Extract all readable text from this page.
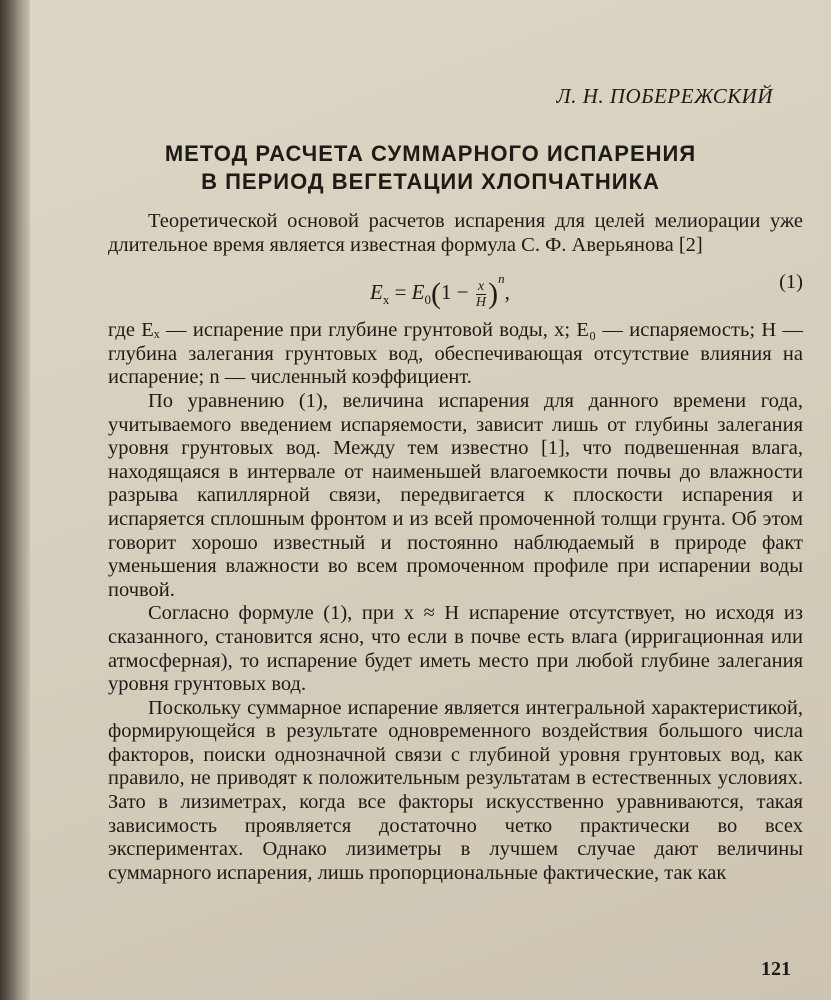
Л. Н. ПОБЕРЕЖСКИЙ
МЕТОД РАСЧЕТА СУММАРНОГО ИСПАРЕНИЯ
В ПЕРИОД ВЕГЕТАЦИИ ХЛОПЧАТНИКА

Теоретической основой расчетов испарения для целей мелиорации уже длительное время является известная формула С. Ф. Аверьянова [2]

$E_x = E_0(1 - \frac{x}{H} )^n$,	(1)

где Eₓ — испарение при глубине грунтовой воды, x; E₀ — испаряемость; H — глубина залегания грунтовых вод, обеспечивающая отсутствие влияния на испарение; n — численный коэффициент.

По уравнению (1), величина испарения для данного времени года, учитываемого введением испаряемости, зависит лишь от глубины залегания уровня грунтовых вод. Между тем известно [1], что подвешенная влага, находящаяся в интервале от наименьшей влагоемкости почвы до влажности разрыва капиллярной связи, передвигается к плоскости испарения и испаряется сплошным фронтом и из всей промоченной толщи грунта. Об этом говорит хорошо известный и постоянно наблюдаемый в природе факт уменьшения влажности во всем промоченном профиле при испарении воды почвой.

Согласно формуле (1), при x ≈ H испарение отсутствует, но исходя из сказанного, становится ясно, что если в почве есть влага (ирригационная или атмосферная), то испарение будет иметь место при любой глубине залегания уровня грунтовых вод.

Поскольку суммарное испарение является интегральной характеристикой, формирующейся в результате одновременного воздействия большого числа факторов, поиски однозначной связи с глубиной уровня грунтовых вод, как правило, не приводят к положительным результатам в естественных условиях. Зато в лизиметрах, когда все факторы искусственно уравниваются, такая зависимость проявляется достаточно четко практически во всех экспериментах. Однако лизиметры в лучшем случае дают величины суммарного испарения, лишь пропорциональные фактические, так как

121
